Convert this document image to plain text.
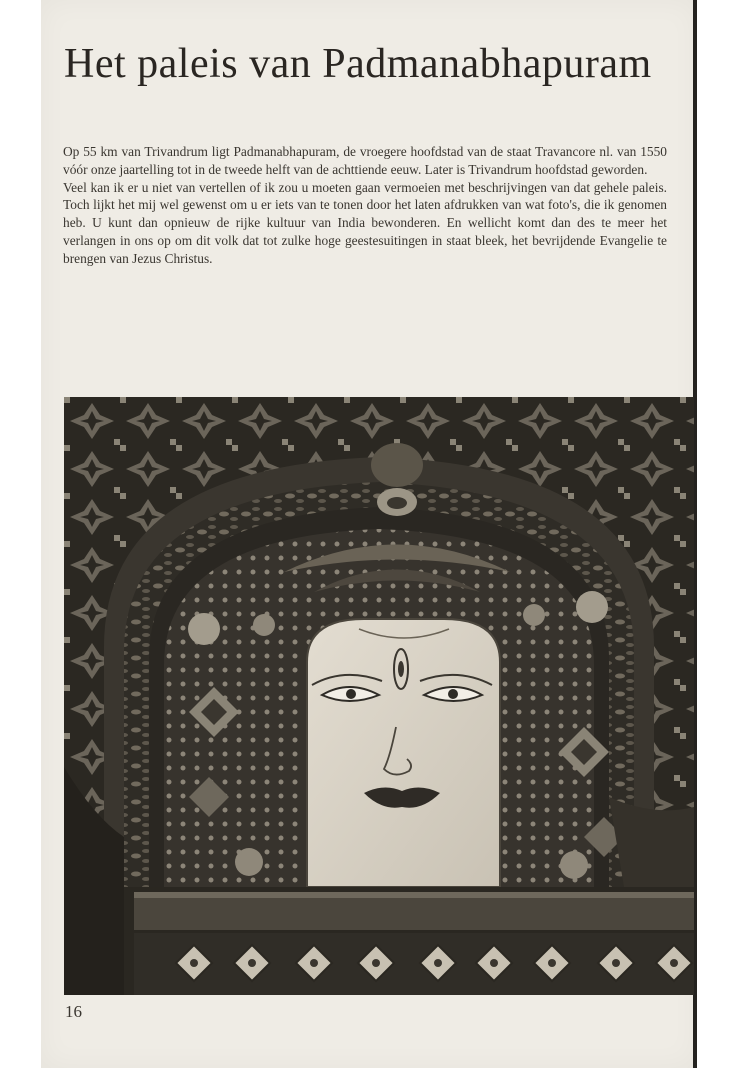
Het paleis van Padmanabhapuram

Op 55 km van Trivandrum ligt Padmanabhapuram, de vroegere hoofdstad van de staat Travancore nl. van 1550 vóór onze jaartelling tot in de tweede helft van de achttiende eeuw. Later is Trivandrum hoofdstad geworden.

Veel kan ik er u niet van vertellen of ik zou u moeten gaan vermoeien met beschrijvingen van dat gehele paleis. Toch lijkt het mij wel gewenst om u er iets van te tonen door het laten afdrukken van wat foto's, die ik genomen heb. U kunt dan opnieuw de rijke kultuur van India bewonderen. En wellicht komt dan des te meer het verlangen in ons op om dit volk dat tot zulke hoge geestesuitingen in staat bleek, het bevrijdende Evangelie te brengen van Jezus Christus.

16
